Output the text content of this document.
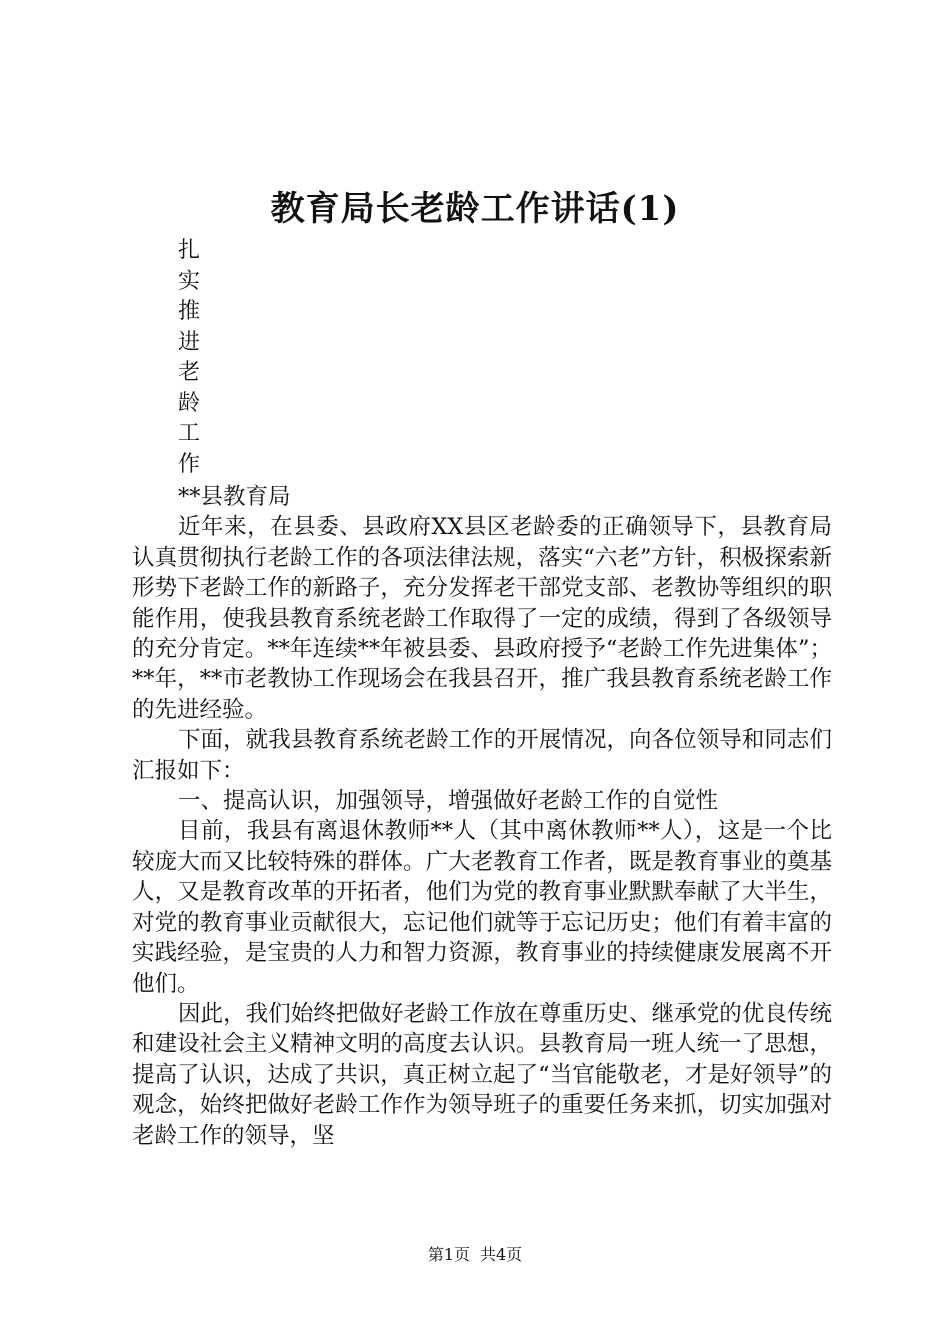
教育局长老龄工作讲话(1)
扎
实
推
进
老
龄
工
作

**县教育局

近年来，在县委、县政府XX县区老龄委的正确领导下，县教育局认真贯彻执行老龄工作的各项法律法规，落实“六老”方针，积极探索新形势下老龄工作的新路子，充分发挥老干部党支部、老教协等组织的职能作用，使我县教育系统老龄工作取得了一定的成绩，得到了各级领导的充分肯定。**年连续**年被县委、县政府授予“老龄工作先进集体”；**年，**市老教协工作现场会在我县召开，推广我县教育系统老龄工作的先进经验。

下面，就我县教育系统老龄工作的开展情况，向各位领导和同志们汇报如下：

一、提高认识，加强领导，增强做好老龄工作的自觉性

目前，我县有离退休教师**人（其中离休教师**人），这是一个比较庞大而又比较特殊的群体。广大老教育工作者，既是教育事业的奠基人，又是教育改革的开拓者，他们为党的教育事业默默奉献了大半生，对党的教育事业贡献很大，忘记他们就等于忘记历史；他们有着丰富的实践经验，是宝贵的人力和智力资源，教育事业的持续健康发展离不开他们。

因此，我们始终把做好老龄工作放在尊重历史、继承党的优良传统和建设社会主义精神文明的高度去认识。县教育局一班人统一了思想，提高了认识，达成了共识，真正树立起了“当官能敬老，才是好领导”的观念，始终把做好老龄工作作为领导班子的重要任务来抓，切实加强对老龄工作的领导，坚

第1页 共4页
